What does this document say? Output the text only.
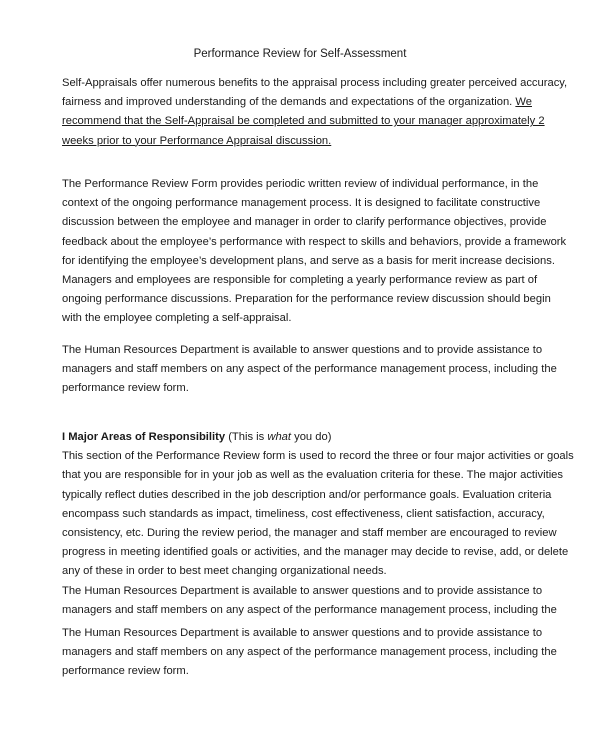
Performance Review for Self-Assessment
Self-Appraisals offer numerous benefits to the appraisal process including greater perceived accuracy,
fairness and improved understanding of the demands and expectations of the organization. We
recommend that the Self-Appraisal be completed and submitted to your manager approximately 2
weeks prior to your Performance Appraisal discussion.
The Performance Review Form provides periodic written review of individual performance, in the
context of the ongoing performance management process. It is designed to facilitate constructive
discussion between the employee and manager in order to clarify performance objectives, provide
feedback about the employee’s performance with respect to skills and behaviors, provide a framework
for identifying the employee’s development plans, and serve as a basis for merit increase decisions.
Managers and employees are responsible for completing a yearly performance review as part of
ongoing performance discussions. Preparation for the performance review discussion should begin
with the employee completing a self-appraisal.
The Human Resources Department is available to answer questions and to provide assistance to
managers and staff members on any aspect of the performance management process, including the
performance review form.
I Major Areas of Responsibility (This is what you do)
This section of the Performance Review form is used to record the three or four major activities or goals
that you are responsible for in your job as well as the evaluation criteria for these. The major activities
typically reflect duties described in the job description and/or performance goals. Evaluation criteria
encompass such standards as impact, timeliness, cost effectiveness, client satisfaction, accuracy,
consistency, etc. During the review period, the manager and staff member are encouraged to review
progress in meeting identified goals or activities, and the manager may decide to revise, add, or delete
any of these in order to best meet changing organizational needs.
The Human Resources Department is available to answer questions and to provide assistance to
managers and staff members on any aspect of the performance management process, including the
The Human Resources Department is available to answer questions and to provide assistance to
managers and staff members on any aspect of the performance management process, including the
performance review form.
